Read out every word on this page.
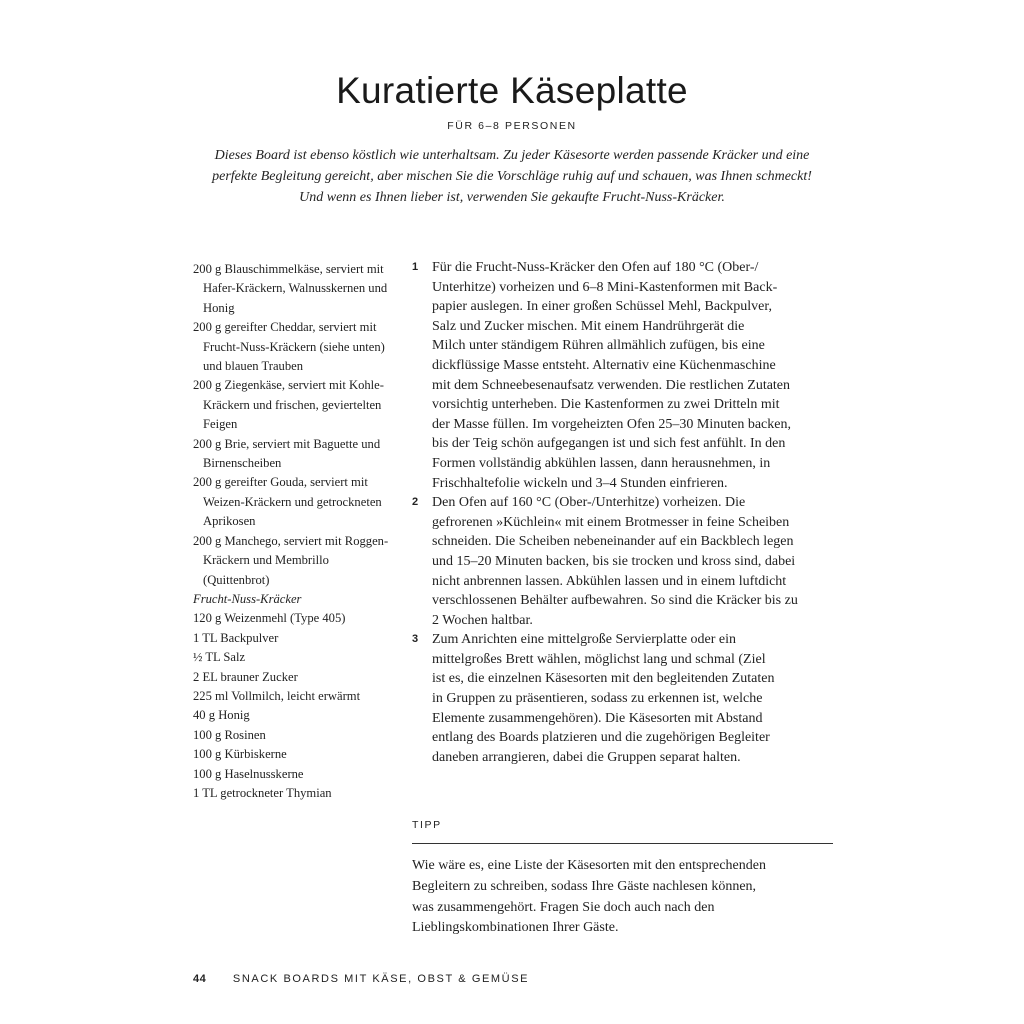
Kuratierte Käseplatte
FÜR 6–8 PERSONEN

Dieses Board ist ebenso köstlich wie unterhaltsam. Zu jeder Käsesorte werden passende Kräcker und eine perfekte Begleitung gereicht, aber mischen Sie die Vorschläge ruhig auf und schauen, was Ihnen schmeckt! Und wenn es Ihnen lieber ist, verwenden Sie gekaufte Frucht-Nuss-Kräcker.

200 g Blauschimmelkäse, serviert mit Hafer-Kräckern, Walnusskernen und Honig

200 g gereifter Cheddar, serviert mit Frucht-Nuss-Kräckern (siehe unten) und blauen Trauben

200 g Ziegenkäse, serviert mit Kohle-Kräckern und frischen, geviertelten Feigen

200 g Brie, serviert mit Baguette und Birnenscheiben

200 g gereifter Gouda, serviert mit Weizen-Kräckern und getrockneten Aprikosen

200 g Manchego, serviert mit Roggen-Kräckern und Membrillo (Quittenbrot)

Frucht-Nuss-Kräcker

120 g Weizenmehl (Type 405)

1 TL Backpulver

½ TL Salz

2 EL brauner Zucker

225 ml Vollmilch, leicht erwärmt

40 g Honig

100 g Rosinen

100 g Kürbiskerne

100 g Haselnusskerne

1 TL getrockneter Thymian

1 Für die Frucht-Nuss-Kräcker den Ofen auf 180 °C (Ober-/
Unterhitze) vorheizen und 6–8 Mini-Kastenformen mit Back-
papier auslegen. In einer großen Schüssel Mehl, Backpulver,
Salz und Zucker mischen. Mit einem Handrührgerät die
Milch unter ständigem Rühren allmählich zufügen, bis eine
dickflüssige Masse entsteht. Alternativ eine Küchenmaschine
mit dem Schneebesenaufsatz verwenden. Die restlichen Zutaten
vorsichtig unterheben. Die Kastenformen zu zwei Dritteln mit
der Masse füllen. Im vorgeheizten Ofen 25–30 Minuten backen,
bis der Teig schön aufgegangen ist und sich fest anfühlt. In den
Formen vollständig abkühlen lassen, dann herausnehmen, in
Frischhaltefolie wickeln und 3–4 Stunden einfrieren.
2 Den Ofen auf 160 °C (Ober-/Unterhitze) vorheizen. Die
gefrorenen »Küchlein« mit einem Brotmesser in feine Scheiben
schneiden. Die Scheiben nebeneinander auf ein Backblech legen
und 15–20 Minuten backen, bis sie trocken und kross sind, dabei
nicht anbrennen lassen. Abkühlen lassen und in einem luftdicht
verschlossenen Behälter aufbewahren. So sind die Kräcker bis zu
2 Wochen haltbar.
3 Zum Anrichten eine mittelgroße Servierplatte oder ein
mittelgroßes Brett wählen, möglichst lang und schmal (Ziel
ist es, die einzelnen Käsesorten mit den begleitenden Zutaten
in Gruppen zu präsentieren, sodass zu erkennen ist, welche
Elemente zusammengehören). Die Käsesorten mit Abstand
entlang des Boards platzieren und die zugehörigen Begleiter
daneben arrangieren, dabei die Gruppen separat halten.
TIPP

Wie wäre es, eine Liste der Käsesorten mit den entsprechenden
Begleitern zu schreiben, sodass Ihre Gäste nachlesen können,
was zusammengehört. Fragen Sie doch auch nach den
Lieblingskombinationen Ihrer Gäste.

44 SNACK BOARDS MIT KÄSE, OBST & GEMÜSE
